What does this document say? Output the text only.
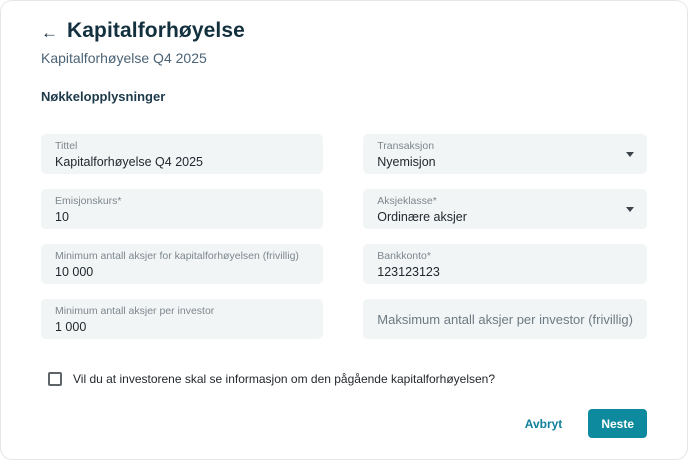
← Kapitalforhøyelse
Kapitalforhøyelse Q4 2025
Nøkkelopplysninger
Tittel
Kapitalforhøyelse Q4 2025
Transaksjon
Nyemisjon
Emisjonskurs*
10
Aksjeklasse*
Ordinære aksjer
Minimum antall aksjer for kapitalforhøyelsen (frivillig)
10 000
Bankkonto*
123123123
Minimum antall aksjer per investor
1 000
Maksimum antall aksjer per investor (frivillig)
Vil du at investorene skal se informasjon om den pågående kapitalforhøyelsen?
Avbryt	Neste
